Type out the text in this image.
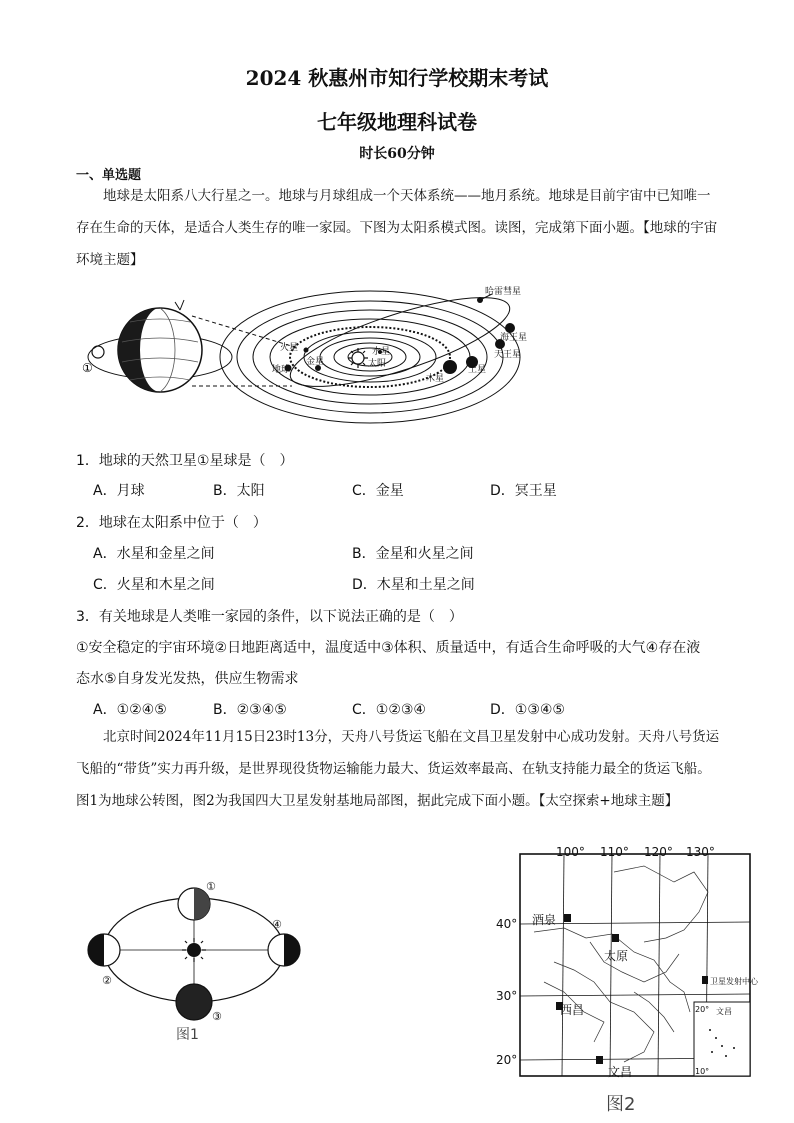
2024 秋惠州市知行学校期末考试
七年级地理科试卷
时长60分钟
一、单选题
地球是太阳系八大行星之一。地球与月球组成一个天体系统——地月系统。地球是目前宇宙中已知唯一存在生命的天体，是适合人类生存的唯一家园。下图为太阳系模式图。读图，完成第下面小题。【地球的宇宙环境主题】
①
哈雷彗星
海王星
天王星
土星
木星
火星
金星
地球
水星
太阳
1．地球的天然卫星①星球是（　）
A．月球	B．太阳	C．金星	D．冥王星
2．地球在太阳系中位于（　）
A．水星和金星之间	B．金星和火星之间
C．火星和木星之间	D．木星和土星之间
3．有关地球是人类唯一家园的条件，以下说法正确的是（　）
①安全稳定的宇宙环境②日地距离适中，温度适中③体积、质量适中，有适合生命呼吸的大气④存在液
态水⑤自身发光发热，供应生物需求
A．①②④⑤	B．②③④⑤	C．①②③④	D．①③④⑤
北京时间2024年11月15日23时13分，天舟八号货运飞船在文昌卫星发射中心成功发射。天舟八号货运飞船的“带货”实力再升级，是世界现役货物运输能力最大、货运效率最高、在轨支持能力最全的货运飞船。图1为地球公转图，图2为我国四大卫星发射基地局部图，据此完成下面小题。【太空探索+地球主题】
①
②
③
④
图1
100° 110° 120° 130°
40°
30°
20°
酒泉
太原
西昌
文昌
卫星发射中心
20° 文昌
10°
图2
